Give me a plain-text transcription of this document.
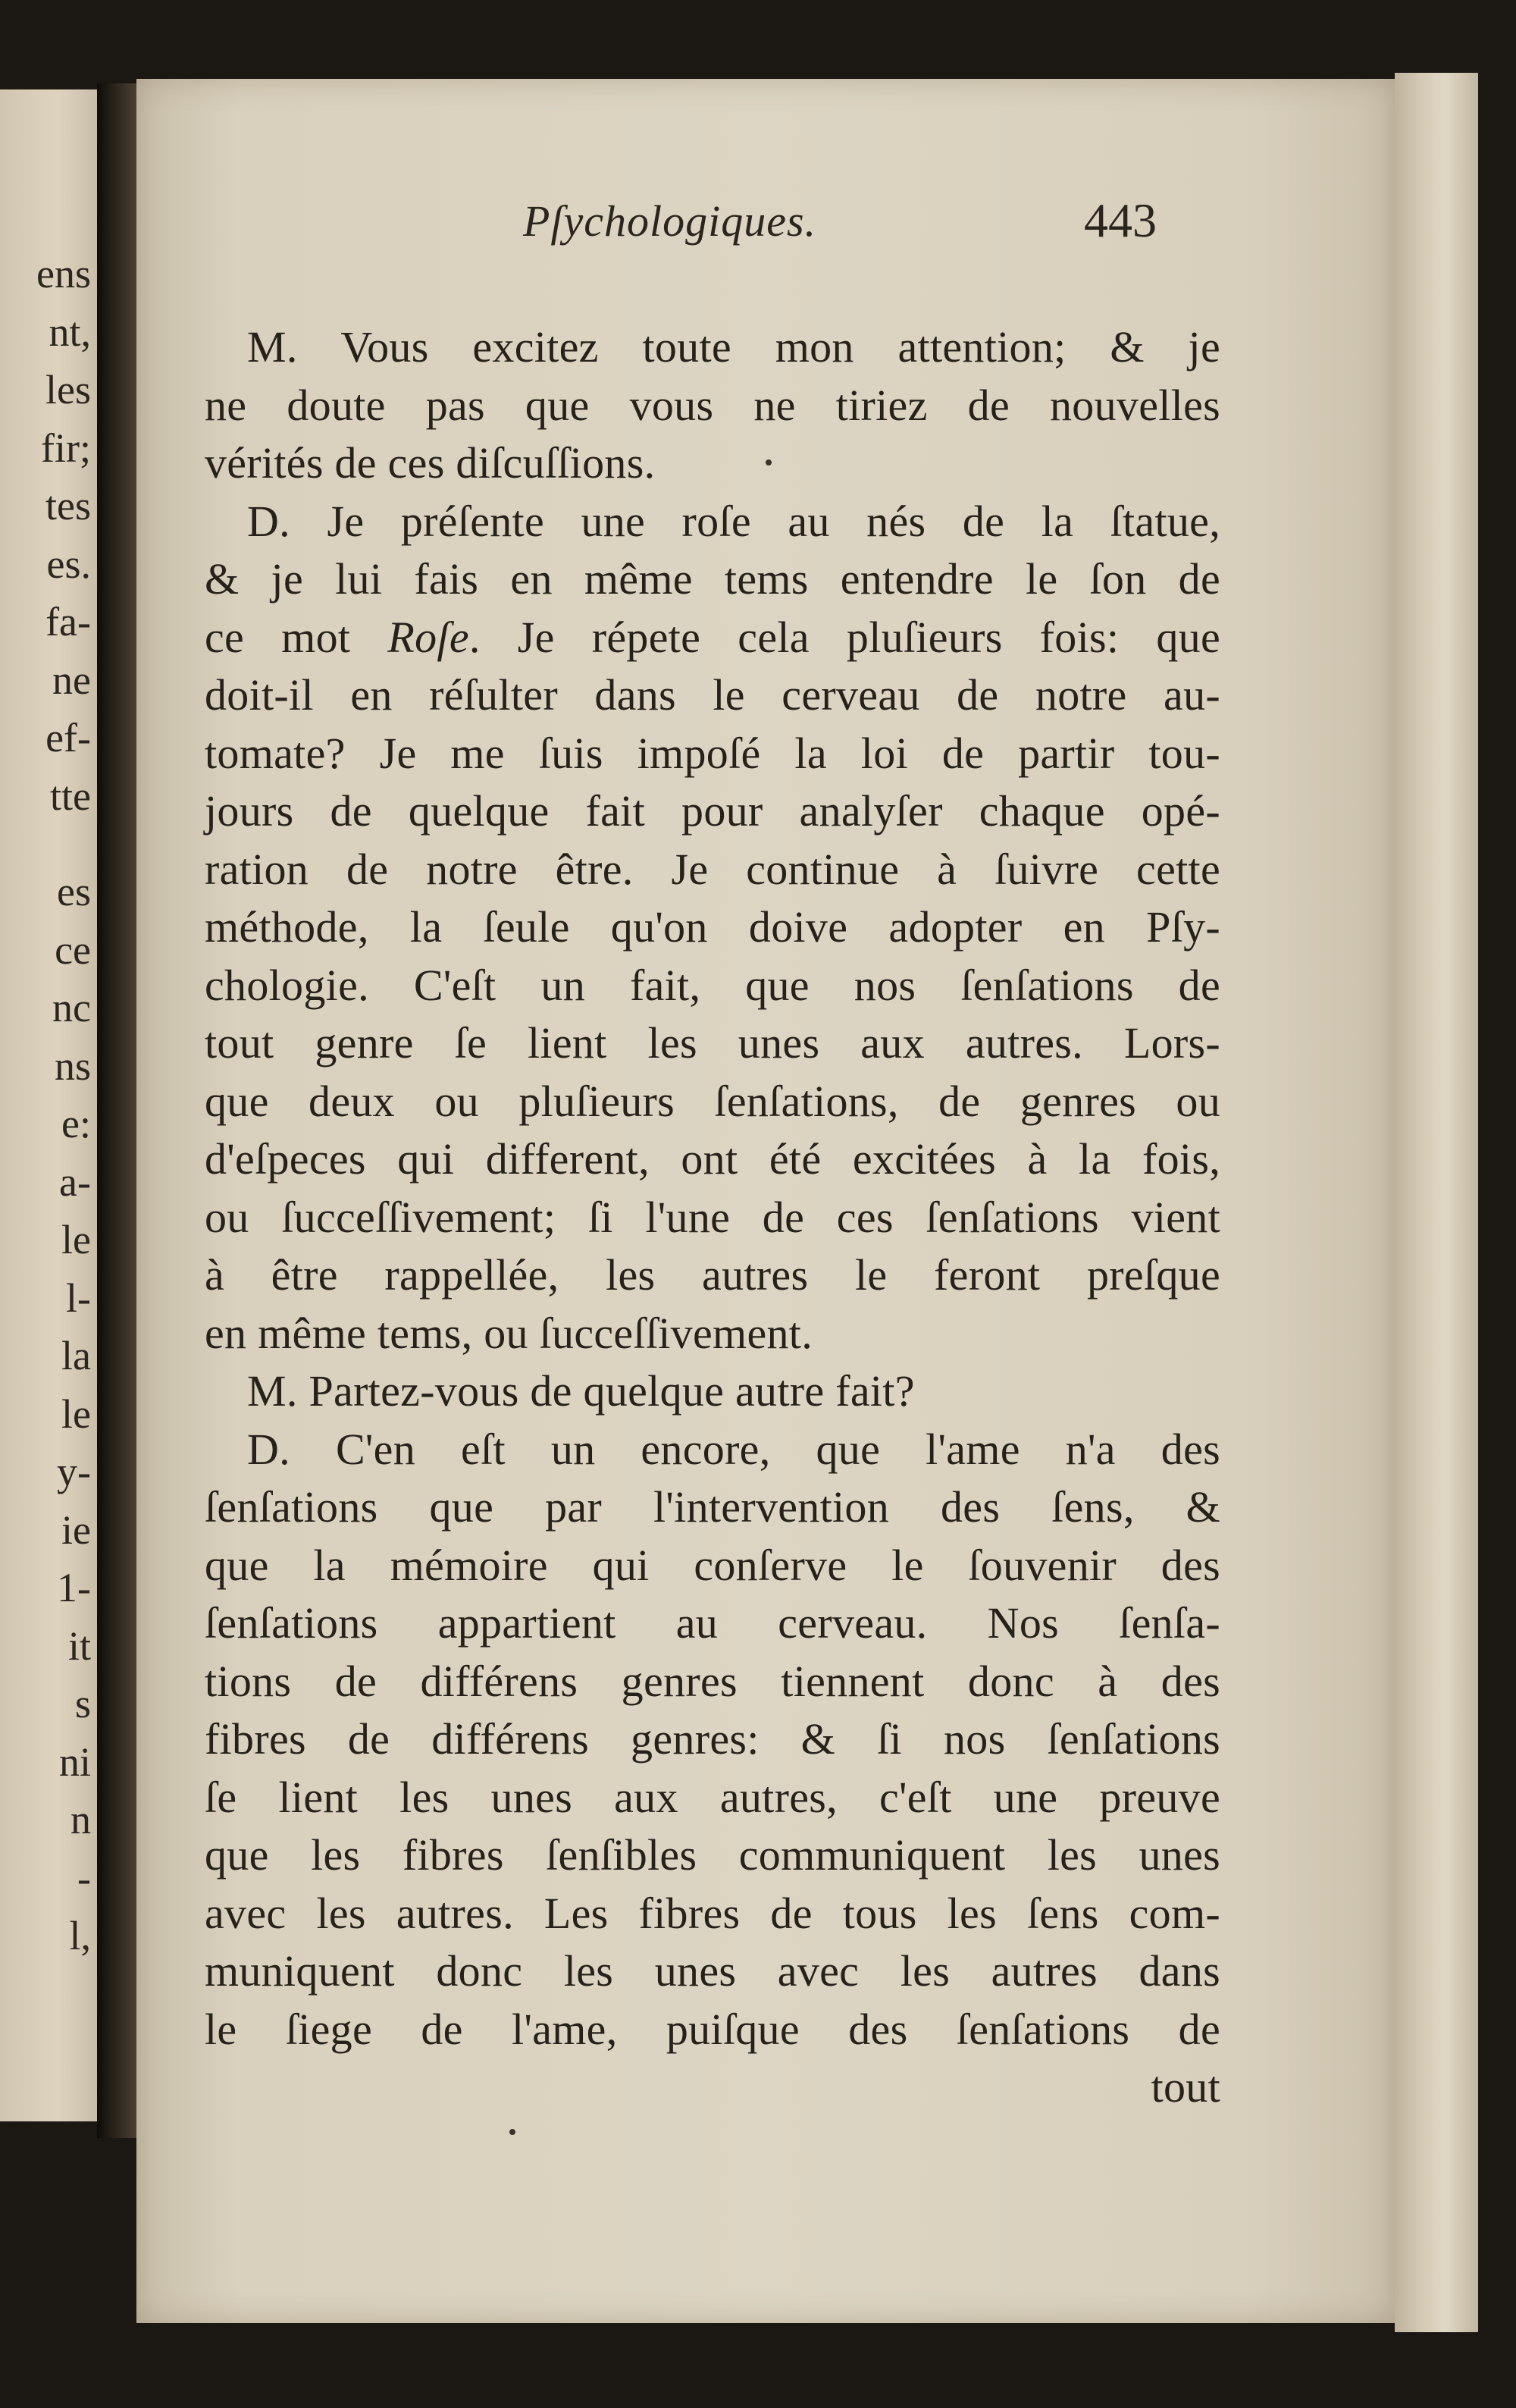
ens
nt,
les
fir;
tes
es.
fa-
ne
ef-
tte
es
ce
nc
ns
e:
a-
le
l-
la
le
y-
ie
1-
it
s
ni
n
-
l,
Pſychologiques.	443
M. Vous excitez toute mon attention; & je
ne doute pas que vous ne tiriez de nouvelles
vérités de ces diſcuſſions.
D. Je préſente une roſe au nés de la ſtatue,
& je lui fais en même tems entendre le ſon de
ce mot Roſe. Je répete cela pluſieurs fois: que
doit-il en réſulter dans le cerveau de notre au-
tomate? Je me ſuis impoſé la loi de partir tou-
jours de quelque fait pour analyſer chaque opé-
ration de notre être. Je continue à ſuivre cette
méthode, la ſeule qu'on doive adopter en Pſy-
chologie. C'eſt un fait, que nos ſenſations de
tout genre ſe lient les unes aux autres. Lors-
que deux ou pluſieurs ſenſations, de genres ou
d'eſpeces qui different, ont été excitées à la fois,
ou ſucceſſivement; ſi l'une de ces ſenſations vient
à être rappellée, les autres le feront preſque
en même tems, ou ſucceſſivement.
M. Partez-vous de quelque autre fait?
D. C'en eſt un encore, que l'ame n'a des
ſenſations que par l'intervention des ſens, &
que la mémoire qui conſerve le ſouvenir des
ſenſations appartient au cerveau. Nos ſenſa-
tions de différens genres tiennent donc à des
fibres de différens genres: & ſi nos ſenſations
ſe lient les unes aux autres, c'eſt une preuve
que les fibres ſenſibles communiquent les unes
avec les autres. Les fibres de tous les ſens com-
muniquent donc les unes avec les autres dans
le ſiege de l'ame, puiſque des ſenſations de
tout
